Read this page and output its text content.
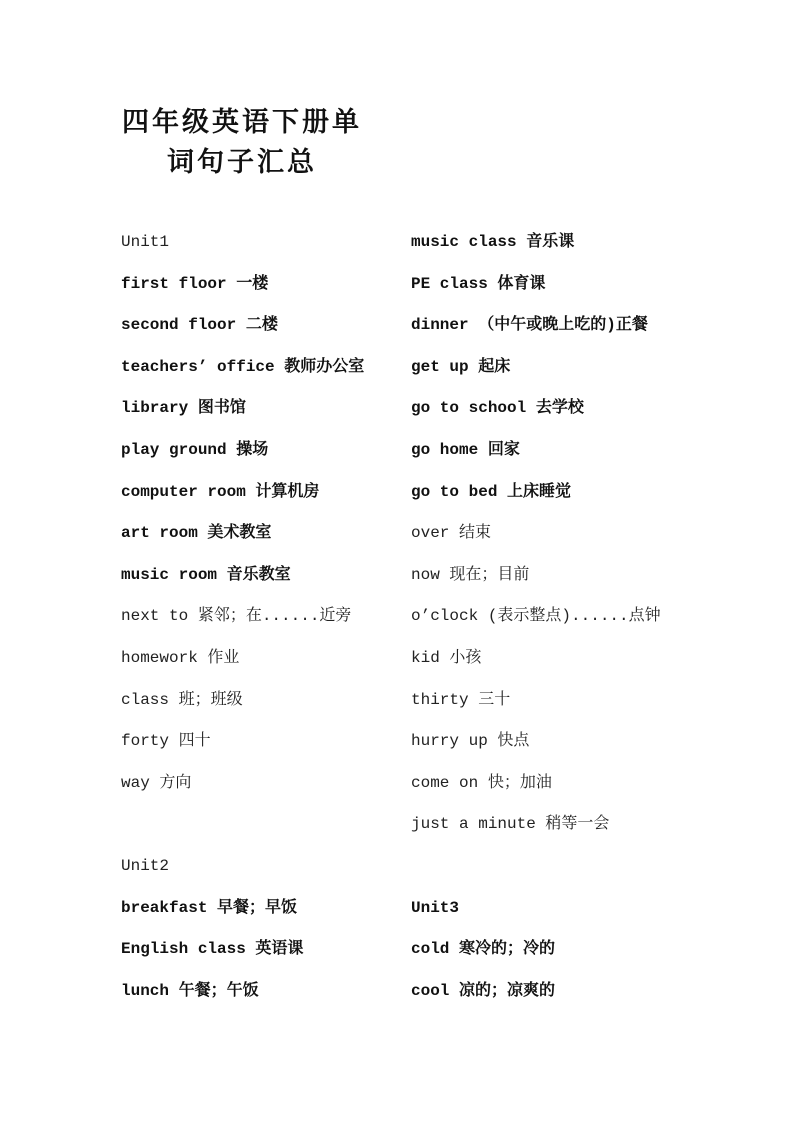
四年级英语下册单
词句子汇总
Unit1
first floor 一楼
second floor 二楼
teachers’ office 教师办公室
library 图书馆
play ground 操场
computer room 计算机房
art room 美术教室
music room 音乐教室
next to 紧邻；在......近旁
homework 作业
class 班；班级
forty 四十
way 方向
Unit2
breakfast 早餐；早饭
English class 英语课
lunch 午餐；午饭
music class 音乐课
PE class 体育课
dinner （中午或晚上吃的)正餐
get up 起床
go to school 去学校
go home 回家
go to bed 上床睡觉
over 结束
now 现在；目前
o’clock (表示整点)......点钟
kid 小孩
thirty 三十
hurry up 快点
come on 快；加油
just a minute 稍等一会
Unit3
cold 寒冷的；冷的
cool 凉的；凉爽的
